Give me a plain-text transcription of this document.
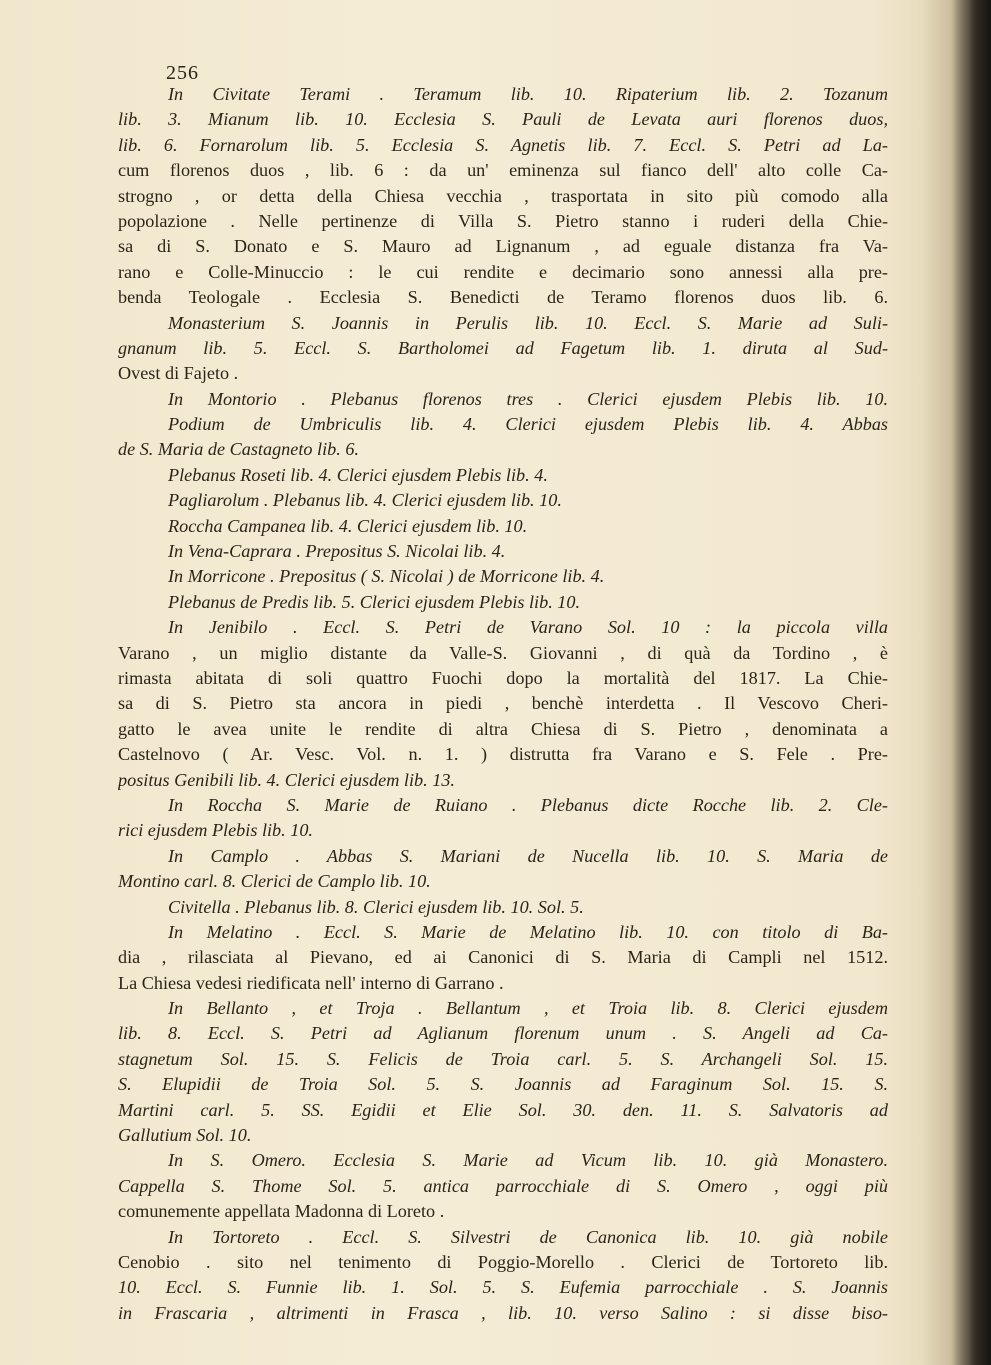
256
In Civitate Terami . Teramum lib. 10. Ripaterium lib. 2. Tozanum
lib. 3. Mianum lib. 10. Ecclesia S. Pauli de Levata auri florenos duos,
lib. 6. Fornarolum lib. 5. Ecclesia S. Agnetis lib. 7. Eccl. S. Petri ad La-
cum florenos duos , lib. 6 : da un' eminenza sul fianco dell' alto colle Ca-
strogno , or detta della Chiesa vecchia , trasportata in sito più comodo alla
popolazione . Nelle pertinenze di Villa S. Pietro stanno i ruderi della Chie-
sa di S. Donato e S. Mauro ad Lignanum , ad eguale distanza fra Va-
rano e Colle-Minuccio : le cui rendite e decimario sono annessi alla pre-
benda Teologale . Ecclesia S. Benedicti de Teramo florenos duos lib. 6.
Monasterium S. Joannis in Perulis lib. 10. Eccl. S. Marie ad Suli-
gnanum lib. 5. Eccl. S. Bartholomei ad Fagetum lib. 1. diruta al Sud-
Ovest di Fajeto .
In Montorio . Plebanus florenos tres . Clerici ejusdem Plebis lib. 10.
Podium de Umbriculis lib. 4. Clerici ejusdem Plebis lib. 4. Abbas
de S. Maria de Castagneto lib. 6.
Plebanus Roseti lib. 4. Clerici ejusdem Plebis lib. 4.
Pagliarolum . Plebanus lib. 4. Clerici ejusdem lib. 10.
Roccha Campanea lib. 4. Clerici ejusdem lib. 10.
In Vena-Caprara . Prepositus S. Nicolai lib. 4.
In Morricone . Prepositus ( S. Nicolai ) de Morricone lib. 4.
Plebanus de Predis lib. 5. Clerici ejusdem Plebis lib. 10.
In Jenibilo . Eccl. S. Petri de Varano Sol. 10 : la piccola villa
Varano , un miglio distante da Valle-S. Giovanni , di quà da Tordino , è
rimasta abitata di soli quattro Fuochi dopo la mortalità del 1817. La Chie-
sa di S. Pietro sta ancora in piedi , benchè interdetta . Il Vescovo Cheri-
gatto le avea unite le rendite di altra Chiesa di S. Pietro , denominata a
Castelnovo ( Ar. Vesc. Vol. n. 1. ) distrutta fra Varano e S. Fele . Pre-
positus Genibili lib. 4. Clerici ejusdem lib. 13.
In Roccha S. Marie de Ruiano . Plebanus dicte Rocche lib. 2. Cle-
rici ejusdem Plebis lib. 10.
In Camplo . Abbas S. Mariani de Nucella lib. 10. S. Maria de
Montino carl. 8. Clerici de Camplo lib. 10.
Civitella . Plebanus lib. 8. Clerici ejusdem lib. 10. Sol. 5.
In Melatino . Eccl. S. Marie de Melatino lib. 10. con titolo di Ba-
dia , rilasciata al Pievano, ed ai Canonici di S. Maria di Campli nel 1512.
La Chiesa vedesi riedificata nell' interno di Garrano .
In Bellanto , et Troja . Bellantum , et Troia lib. 8. Clerici ejusdem
lib. 8. Eccl. S. Petri ad Aglianum florenum unum . S. Angeli ad Ca-
stagnetum Sol. 15. S. Felicis de Troia carl. 5. S. Archangeli Sol. 15.
S. Elupidii de Troia Sol. 5. S. Joannis ad Faraginum Sol. 15. S.
Martini carl. 5. SS. Egidii et Elie Sol. 30. den. 11. S. Salvatoris ad
Gallutium Sol. 10.
In S. Omero. Ecclesia S. Marie ad Vicum lib. 10. già Monastero.
Cappella S. Thome Sol. 5. antica parrocchiale di S. Omero , oggi più
comunemente appellata Madonna di Loreto .
In Tortoreto . Eccl. S. Silvestri de Canonica lib. 10. già nobile
Cenobio . sito nel tenimento di Poggio-Morello . Clerici de Tortoreto lib.
10. Eccl. S. Funnie lib. 1. Sol. 5. S. Eufemia parrocchiale . S. Joannis
in Frascaria , altrimenti in Frasca , lib. 10. verso Salino : si disse biso-
